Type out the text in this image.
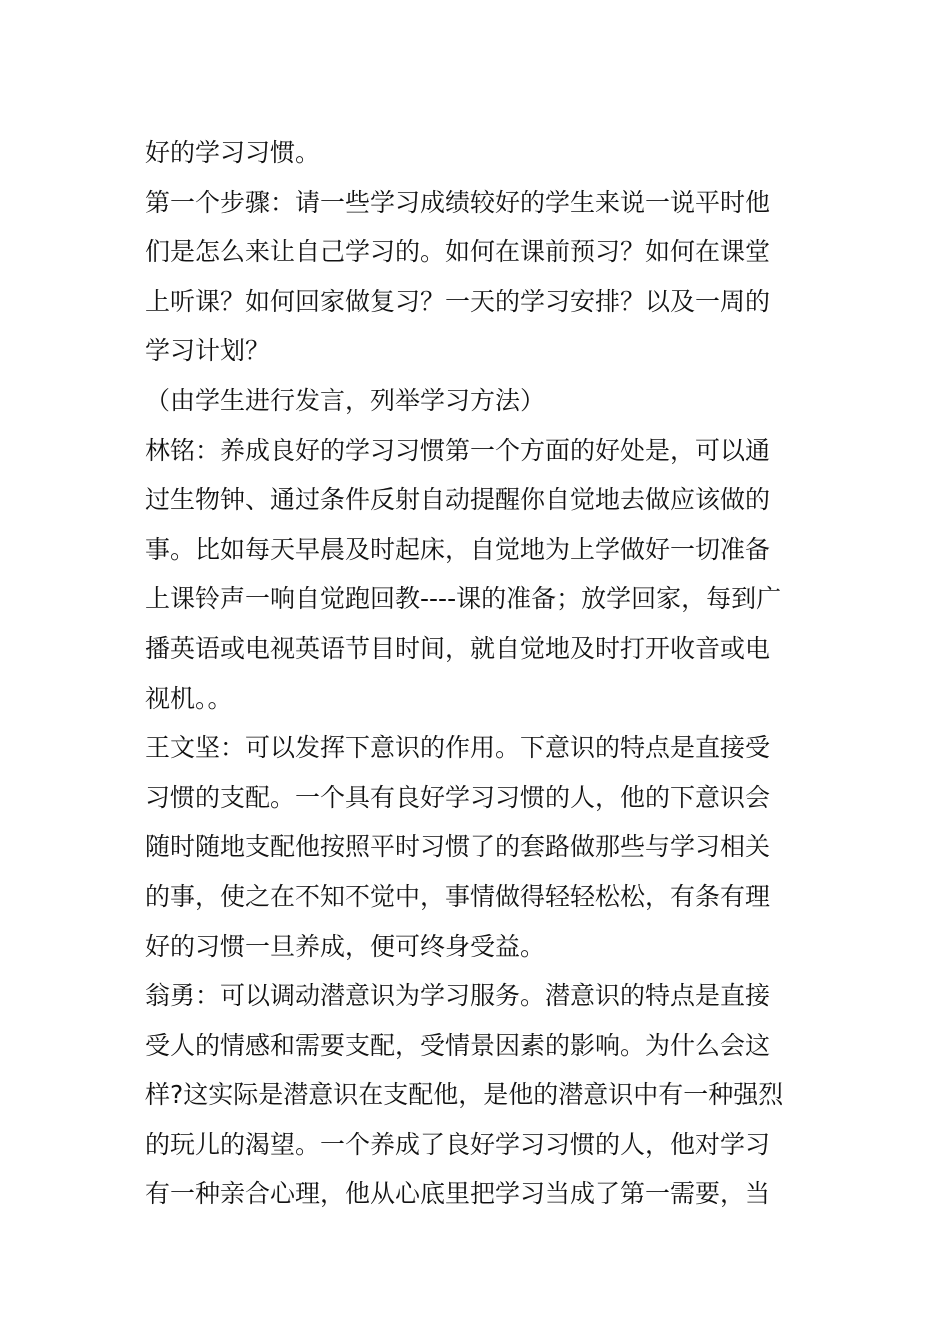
好的学习习惯。
第一个步骤：请一些学习成绩较好的学生来说一说平时他
们是怎么来让自己学习的。如何在课前预习？如何在课堂
上听课？如何回家做复习？一天的学习安排？以及一周的
学习计划？
（由学生进行发言，列举学习方法）
林铭：养成良好的学习习惯第一个方面的好处是，可以通
过生物钟、通过条件反射自动提醒你自觉地去做应该做的
事。比如每天早晨及时起床，自觉地为上学做好一切准备
上课铃声一响自觉跑回教----课的准备；放学回家，每到广
播英语或电视英语节目时间，就自觉地及时打开收音或电
视机。。
王文坚：可以发挥下意识的作用。下意识的特点是直接受
习惯的支配。一个具有良好学习习惯的人，他的下意识会
随时随地支配他按照平时习惯了的套路做那些与学习相关
的事，使之在不知不觉中，事情做得轻轻松松，有条有理
好的习惯一旦养成，便可终身受益。
翁勇：可以调动潜意识为学习服务。潜意识的特点是直接
受人的情感和需要支配，受情景因素的影响。为什么会这
样?这实际是潜意识在支配他，是他的潜意识中有一种强烈
的玩儿的渴望。一个养成了良好学习习惯的人，他对学习
有一种亲合心理，他从心底里把学习当成了第一需要，当
